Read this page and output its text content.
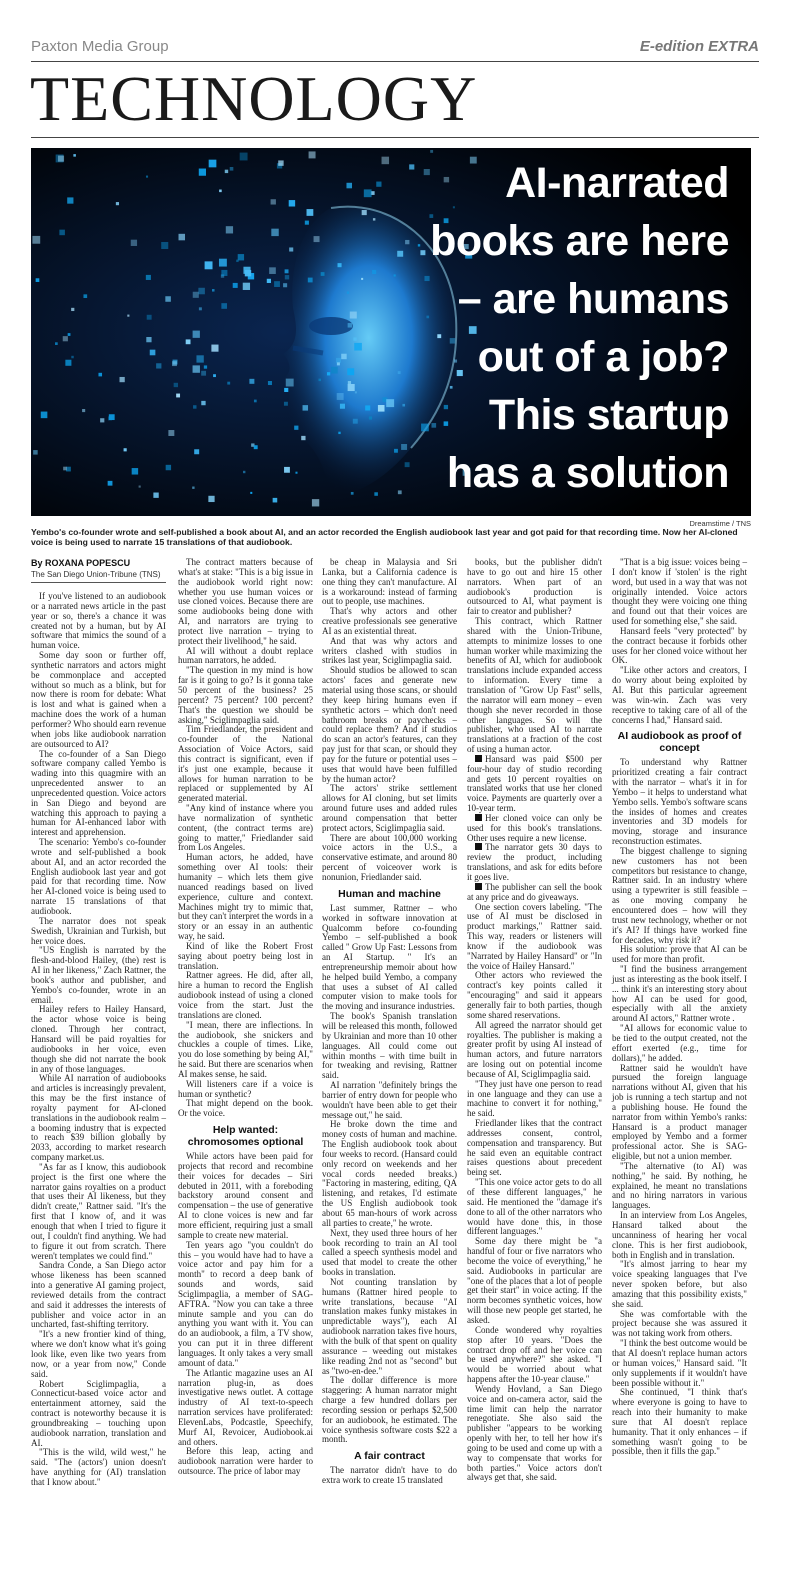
Paxton Media Group	E-edition EXTRA
TECHNOLOGY
AI-narrated
books are here
– are humans
out of a job?
This startup
has a solution
Dreamstime / TNS
Yembo's co-founder wrote and self-published a book about AI, and an actor recorded the English audiobook last year and got paid for that recording time. Now her AI-cloned voice is being used to narrate 15 translations of that audiobook.
By ROXANA POPESCU
The San Diego Union-Tribune (TNS)

If you've listened to an audiobook or a narrated news article in the past year or so, there's a chance it was created not by a human, but by AI software that mimics the sound of a human voice.

Some day soon or further off, synthetic narrators and actors might be commonplace and accepted without so much as a blink, but for now there is room for debate: What is lost and what is gained when a machine does the work of a human performer? Who should earn revenue when jobs like audiobook narration are outsourced to AI?

The co-founder of a San Diego software company called Yembo is wading into this quagmire with an unprecedented answer to an unprecedented question. Voice actors in San Diego and beyond are watching this approach to paying a human for AI-enhanced labor with interest and apprehension.

The scenario: Yembo's co-founder wrote and self-published a book about AI, and an actor recorded the English audiobook last year and got paid for that recording time. Now her AI-cloned voice is being used to narrate 15 translations of that audiobook.

The narrator does not speak Swedish, Ukrainian and Turkish, but her voice does.

"US English is narrated by the flesh-and-blood Hailey, (the) rest is AI in her likeness," Zach Rattner, the book's author and publisher, and Yembo's co-founder, wrote in an email.

Hailey refers to Hailey Hansard, the actor whose voice is being cloned. Through her contract, Hansard will be paid royalties for audiobooks in her voice, even though she did not narrate the book in any of those languages.

While AI narration of audiobooks and articles is increasingly prevalent, this may be the first instance of royalty payment for AI-cloned translations in the audiobook realm – a booming industry that is expected to reach $39 billion globally by 2033, according to market research company market.us.

"As far as I know, this audiobook project is the first one where the narrator gains royalties on a product that uses their AI likeness, but they didn't create," Rattner said. "It's the first that I know of, and it was enough that when I tried to figure it out, I couldn't find anything. We had to figure it out from scratch. There weren't templates we could find."

Sandra Conde, a San Diego actor whose likeness has been scanned into a generative AI gaming project, reviewed details from the contract and said it addresses the interests of publisher and voice actor in an uncharted, fast-shifting territory.

"It's a new frontier kind of thing, where we don't know what it's going look like, even like two years from now, or a year from now," Conde said.

Robert Sciglimpaglia, a Connecticut-based voice actor and entertainment attorney, said the contract is noteworthy because it is groundbreaking – touching upon audiobook narration, translation and AI.

"This is the wild, wild west," he said. "The (actors') union doesn't have anything for (AI) translation that I know about."

The contract matters because of what's at stake: "This is a big issue in the audiobook world right now: whether you use human voices or use cloned voices. Because there are some audiobooks being done with AI, and narrators are trying to protect live narration – trying to protect their livelihood," he said.

AI will without a doubt replace human narrators, he added.

"The question in my mind is how far is it going to go? Is it gonna take 50 percent of the business? 25 percent? 75 percent? 100 percent? That's the question we should be asking," Sciglimpaglia said.

Tim Friedlander, the president and co-founder of the National Association of Voice Actors, said this contract is significant, even if it's just one example, because it allows for human narration to be replaced or supplemented by AI generated material.

"Any kind of instance where you have normalization of synthetic content, (the contract terms are) going to matter," Friedlander said from Los Angeles.

Human actors, he added, have something over AI tools: their humanity – which lets them give nuanced readings based on lived experience, culture and context. Machines might try to mimic that, but they can't interpret the words in a story or an essay in an authentic way, he said.

Kind of like the Robert Frost saying about poetry being lost in translation.

Rattner agrees. He did, after all, hire a human to record the English audiobook instead of using a cloned voice from the start. Just the translations are cloned.

"I mean, there are inflections. In the audiobook, she snickers and chuckles a couple of times. Like, you do lose something by being AI," he said. But there are scenarios when AI makes sense, he said.

Will listeners care if a voice is human or synthetic?

That might depend on the book. Or the voice.

Help wanted: chromosomes optional

While actors have been paid for projects that record and recombine their voices for decades – Siri debuted in 2011, with a foreboding backstory around consent and compensation – the use of generative AI to clone voices is new and far more efficient, requiring just a small sample to create new material.

Ten years ago "you couldn't do this – you would have had to have a voice actor and pay him for a month" to record a deep bank of sounds and words, said Sciglimpaglia, a member of SAG-AFTRA. "Now you can take a three minute sample and you can do anything you want with it. You can do an audiobook, a film, a TV show, you can put it in three different languages. It only takes a very small amount of data."

The Atlantic magazine uses an AI narration plug-in, as does investigative news outlet. A cottage industry of AI text-to-speech narration services have proliferated: ElevenLabs, Podcastle, Speechify, Murf AI, Revoicer, Audiobook.ai and others.

Before this leap, acting and audiobook narration were harder to outsource. The price of labor may

be cheap in Malaysia and Sri Lanka, but a California cadence is one thing they can't manufacture. AI is a workaround: instead of farming out to people, use machines.

That's why actors and other creative professionals see generative AI as an existential threat.

And that was why actors and writers clashed with studios in strikes last year, Sciglimpaglia said.

Should studios be allowed to scan actors' faces and generate new material using those scans, or should they keep hiring humans even if synthetic actors – which don't need bathroom breaks or paychecks – could replace them? And if studios do scan an actor's features, can they pay just for that scan, or should they pay for the future or potential uses – uses that would have been fulfilled by the human actor?

The actors' strike settlement allows for AI cloning, but set limits around future uses and added rules around compensation that better protect actors, Sciglimpaglia said.

There are about 100,000 working voice actors in the U.S., a conservative estimate, and around 80 percent of voiceover work is nonunion, Friedlander said.

Human and machine

Last summer, Rattner – who worked in software innovation at Qualcomm before co-founding Yembo – self-published a book called " Grow Up Fast: Lessons from an AI Startup. " It's an entrepreneurship memoir about how he helped build Yembo, a company that uses a subset of AI called computer vision to make tools for the moving and insurance industries.

The book's Spanish translation will be released this month, followed by Ukrainian and more than 10 other languages. All could come out within months – with time built in for tweaking and revising, Rattner said.

AI narration "definitely brings the barrier of entry down for people who wouldn't have been able to get their message out," he said.

He broke down the time and money costs of human and machine. The English audiobook took about four weeks to record. (Hansard could only record on weekends and her vocal cords needed breaks.) "Factoring in mastering, editing, QA listening, and retakes, I'd estimate the US English audiobook took about 65 man-hours of work across all parties to create," he wrote.

Next, they used three hours of her book recording to train an AI tool called a speech synthesis model and used that model to create the other books in translation.

Not counting translation by humans (Rattner hired people to write translations, because "AI translation makes funky mistakes in unpredictable ways"), each AI audiobook narration takes five hours, with the bulk of that spent on quality assurance – weeding out mistakes like reading 2nd not as "second" but as "two-en-dee."

The dollar difference is more staggering: A human narrator might charge a few hundred dollars per recording session or perhaps $2,500 for an audiobook, he estimated. The voice synthesis software costs $22 a month.

A fair contract

The narrator didn't have to do extra work to create 15 translated

books, but the publisher didn't have to go out and hire 15 other narrators. When part of an audiobook's production is outsourced to AI, what payment is fair to creator and publisher?

This contract, which Rattner shared with the Union-Tribune, attempts to minimize losses to one human worker while maximizing the benefits of AI, which for audiobook translations include expanded access to information. Every time a translation of "Grow Up Fast" sells, the narrator will earn money – even though she never recorded in those other languages. So will the publisher, who used AI to narrate translations at a fraction of the cost of using a human actor.

Hansard was paid $500 per four-hour day of studio recording and gets 10 percent royalties on translated works that use her cloned voice. Payments are quarterly over a 10-year term.

Her cloned voice can only be used for this book's translations. Other uses require a new license.

The narrator gets 30 days to review the product, including translations, and ask for edits before it goes live.

The publisher can sell the book at any price and do giveaways.

One section covers labeling. "The use of AI must be disclosed in product markings," Rattner said. This way, readers or listeners will know if the audiobook was "Narrated by Hailey Hansard" or "In the voice of Hailey Hansard."

Other actors who reviewed the contract's key points called it "encouraging" and said it appears generally fair to both parties, though some shared reservations.

All agreed the narrator should get royalties. The publisher is making a greater profit by using AI instead of human actors, and future narrators are losing out on potential income because of AI, Sciglimpaglia said.

"They just have one person to read in one language and they can use a machine to convert it for nothing," he said.

Friedlander likes that the contract addresses consent, control, compensation and transparency. But he said even an equitable contract raises questions about precedent being set.

"This one voice actor gets to do all of these different languages," he said. He mentioned the "damage it's done to all of the other narrators who would have done this, in those different languages."

Some day there might be "a handful of four or five narrators who become the voice of everything," he said. Audiobooks in particular are "one of the places that a lot of people get their start" in voice acting. If the norm becomes synthetic voices, how will those new people get started, he asked.

Conde wondered why royalties stop after 10 years. "Does the contract drop off and her voice can be used anywhere?" she asked. "I would be worried about what happens after the 10-year clause."

Wendy Hovland, a San Diego voice and on-camera actor, said the time limit can help the narrator renegotiate. She also said the publisher "appears to be working openly with her, to tell her how it's going to be used and come up with a way to compensate that works for both parties." Voice actors don't always get that, she said.

"That is a big issue: voices being – I don't know if 'stolen' is the right word, but used in a way that was not originally intended. Voice actors thought they were voicing one thing and found out that their voices are used for something else," she said.

Hansard feels "very protected" by the contract because it forbids other uses for her cloned voice without her OK.

"Like other actors and creators, I do worry about being exploited by AI. But this particular agreement was win-win. Zach was very receptive to taking care of all of the concerns I had," Hansard said.

AI audiobook as proof of concept

To understand why Rattner prioritized creating a fair contract with the narrator – what's it in for Yembo – it helps to understand what Yembo sells. Yembo's software scans the insides of homes and creates inventories and 3D models for moving, storage and insurance reconstruction estimates.

The biggest challenge to signing new customers has not been competitors but resistance to change, Rattner said. In an industry where using a typewriter is still feasible – as one moving company he encountered does – how will they trust new technology, whether or not it's AI? If things have worked fine for decades, why risk it?

His solution: prove that AI can be used for more than profit.

"I find the business arrangement just as interesting as the book itself. I ... think it's an interesting story about how AI can be used for good, especially with all the anxiety around AI actors," Rattner wrote .

"AI allows for economic value to be tied to the output created, not the effort exerted (e.g., time for dollars)," he added.

Rattner said he wouldn't have pursued the foreign language narrations without AI, given that his job is running a tech startup and not a publishing house. He found the narrator from within Yembo's ranks: Hansard is a product manager employed by Yembo and a former professional actor. She is SAG-eligible, but not a union member.

"The alternative (to AI) was nothing," he said. By nothing, he explained, he meant no translations and no hiring narrators in various languages.

In an interview from Los Angeles, Hansard talked about the uncanniness of hearing her vocal clone. This is her first audiobook, both in English and in translation.

"It's almost jarring to hear my voice speaking languages that I've never spoken before, but also amazing that this possibility exists," she said.

She was comfortable with the project because she was assured it was not taking work from others.

"I think the best outcome would be that AI doesn't replace human actors or human voices," Hansard said. "It only supplements if it wouldn't have been possible without it."

She continued, "I think that's where everyone is going to have to reach into their humanity to make sure that AI doesn't replace humanity. That it only enhances – if something wasn't going to be possible, then it fills the gap."
